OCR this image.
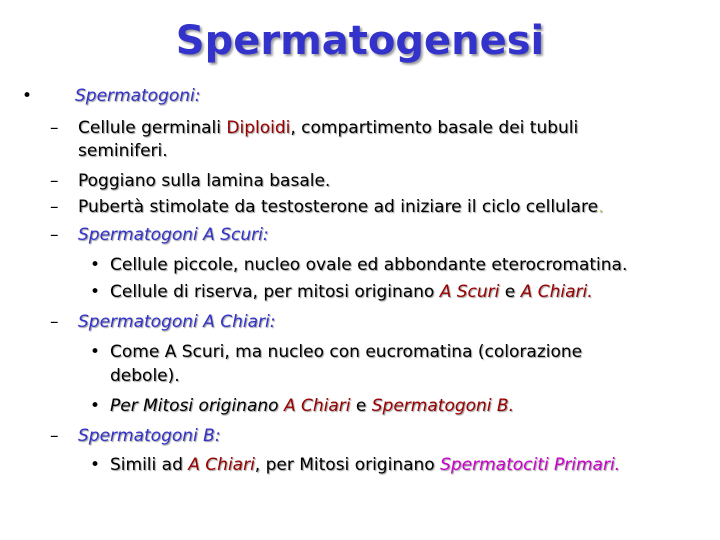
Spermatogenesi
•	Spermatogoni:
– Cellule germinali Diploidi, compartimento basale dei tubuli
seminiferi.
– Poggiano sulla lamina basale.
– Pubertà stimolate da testosterone ad iniziare il ciclo cellulare.
– Spermatogoni A Scuri:
• Cellule piccole, nucleo ovale ed abbondante eterocromatina.
• Cellule di riserva, per mitosi originano A Scuri e A Chiari.
– Spermatogoni A Chiari:
• Come A Scuri, ma nucleo con eucromatina (colorazione
debole).
• Per Mitosi originano A Chiari e Spermatogoni B.
– Spermatogoni B:
• Simili ad A Chiari, per Mitosi originano Spermatociti Primari.
